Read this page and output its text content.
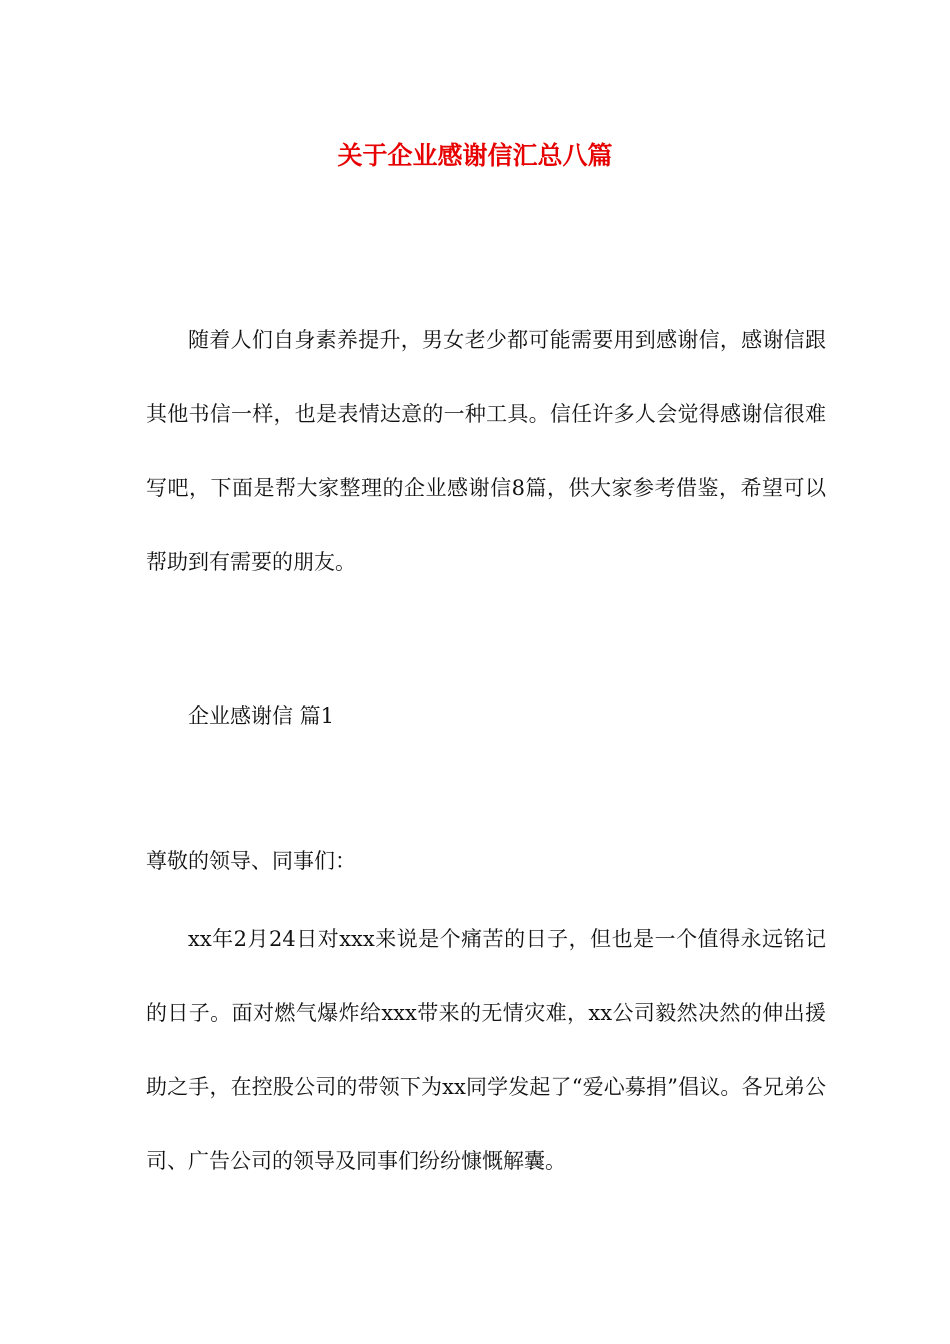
关于企业感谢信汇总八篇

随着人们自身素养提升，男女老少都可能需要用到感谢信，感谢信跟其他书信一样，也是表情达意的一种工具。信任许多人会觉得感谢信很难写吧，下面是帮大家整理的企业感谢信8篇，供大家参考借鉴，希望可以帮助到有需要的朋友。

企业感谢信 篇1
尊敬的领导、同事们：

xx年2月24日对xxx来说是个痛苦的日子，但也是一个值得永远铭记的日子。面对燃气爆炸给xxx带来的无情灾难，xx公司毅然决然的伸出援助之手，在控股公司的带领下为xx同学发起了“爱心募捐”倡议。各兄弟公司、广告公司的领导及同事们纷纷慷慨解囊。
